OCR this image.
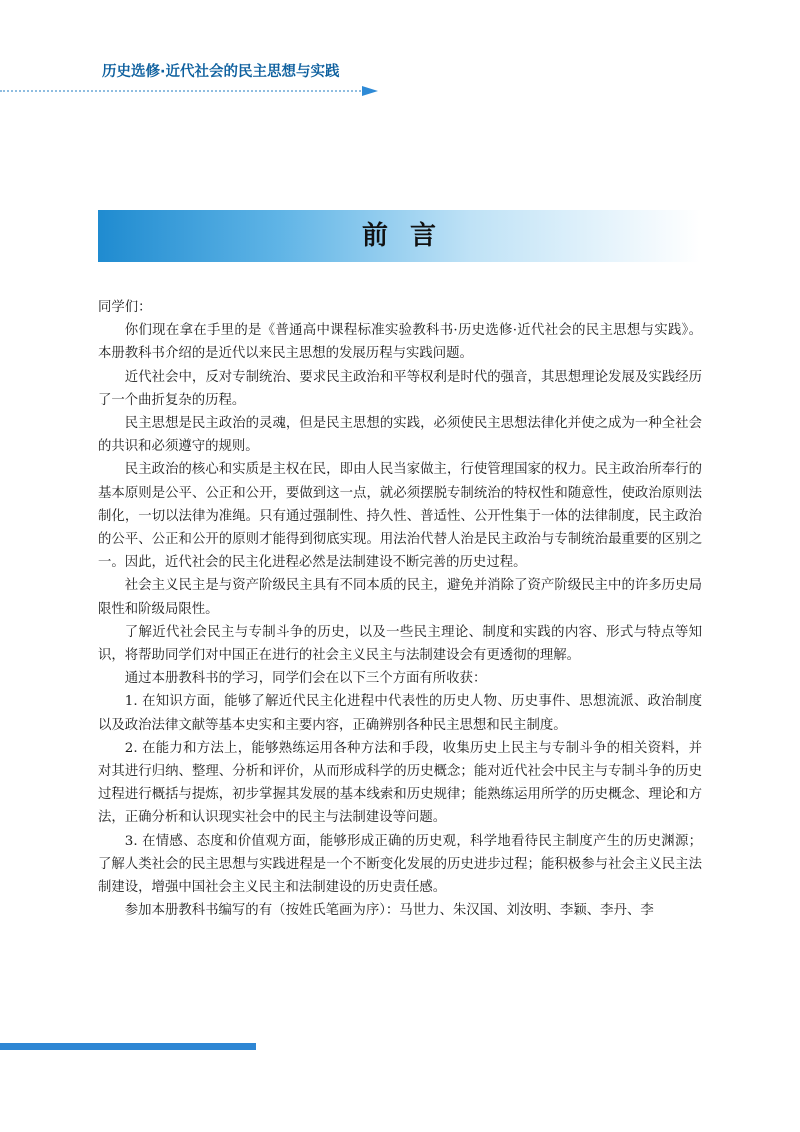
历史选修·近代社会的民主思想与实践
前言

同学们：

你们现在拿在手里的是《普通高中课程标准实验教科书·历史选修·近代社会的民主思想与实践》。本册教科书介绍的是近代以来民主思想的发展历程与实践问题。

近代社会中，反对专制统治、要求民主政治和平等权利是时代的强音，其思想理论发展及实践经历了一个曲折复杂的历程。

民主思想是民主政治的灵魂，但是民主思想的实践，必须使民主思想法律化并使之成为一种全社会的共识和必须遵守的规则。

民主政治的核心和实质是主权在民，即由人民当家做主，行使管理国家的权力。民主政治所奉行的基本原则是公平、公正和公开，要做到这一点，就必须摆脱专制统治的特权性和随意性，使政治原则法制化，一切以法律为准绳。只有通过强制性、持久性、普适性、公开性集于一体的法律制度，民主政治的公平、公正和公开的原则才能得到彻底实现。用法治代替人治是民主政治与专制统治最重要的区别之一。因此，近代社会的民主化进程必然是法制建设不断完善的历史过程。

社会主义民主是与资产阶级民主具有不同本质的民主，避免并消除了资产阶级民主中的许多历史局限性和阶级局限性。

了解近代社会民主与专制斗争的历史，以及一些民主理论、制度和实践的内容、形式与特点等知识，将帮助同学们对中国正在进行的社会主义民主与法制建设会有更透彻的理解。

通过本册教科书的学习，同学们会在以下三个方面有所收获：

1. 在知识方面，能够了解近代民主化进程中代表性的历史人物、历史事件、思想流派、政治制度以及政治法律文献等基本史实和主要内容，正确辨别各种民主思想和民主制度。

2. 在能力和方法上，能够熟练运用各种方法和手段，收集历史上民主与专制斗争的相关资料，并对其进行归纳、整理、分析和评价，从而形成科学的历史概念；能对近代社会中民主与专制斗争的历史过程进行概括与提炼，初步掌握其发展的基本线索和历史规律；能熟练运用所学的历史概念、理论和方法，正确分析和认识现实社会中的民主与法制建设等问题。

3. 在情感、态度和价值观方面，能够形成正确的历史观，科学地看待民主制度产生的历史渊源；了解人类社会的民主思想与实践进程是一个不断变化发展的历史进步过程；能积极参与社会主义民主法制建设，增强中国社会主义民主和法制建设的历史责任感。

参加本册教科书编写的有（按姓氏笔画为序）：马世力、朱汉国、刘汝明、李颖、李丹、李
